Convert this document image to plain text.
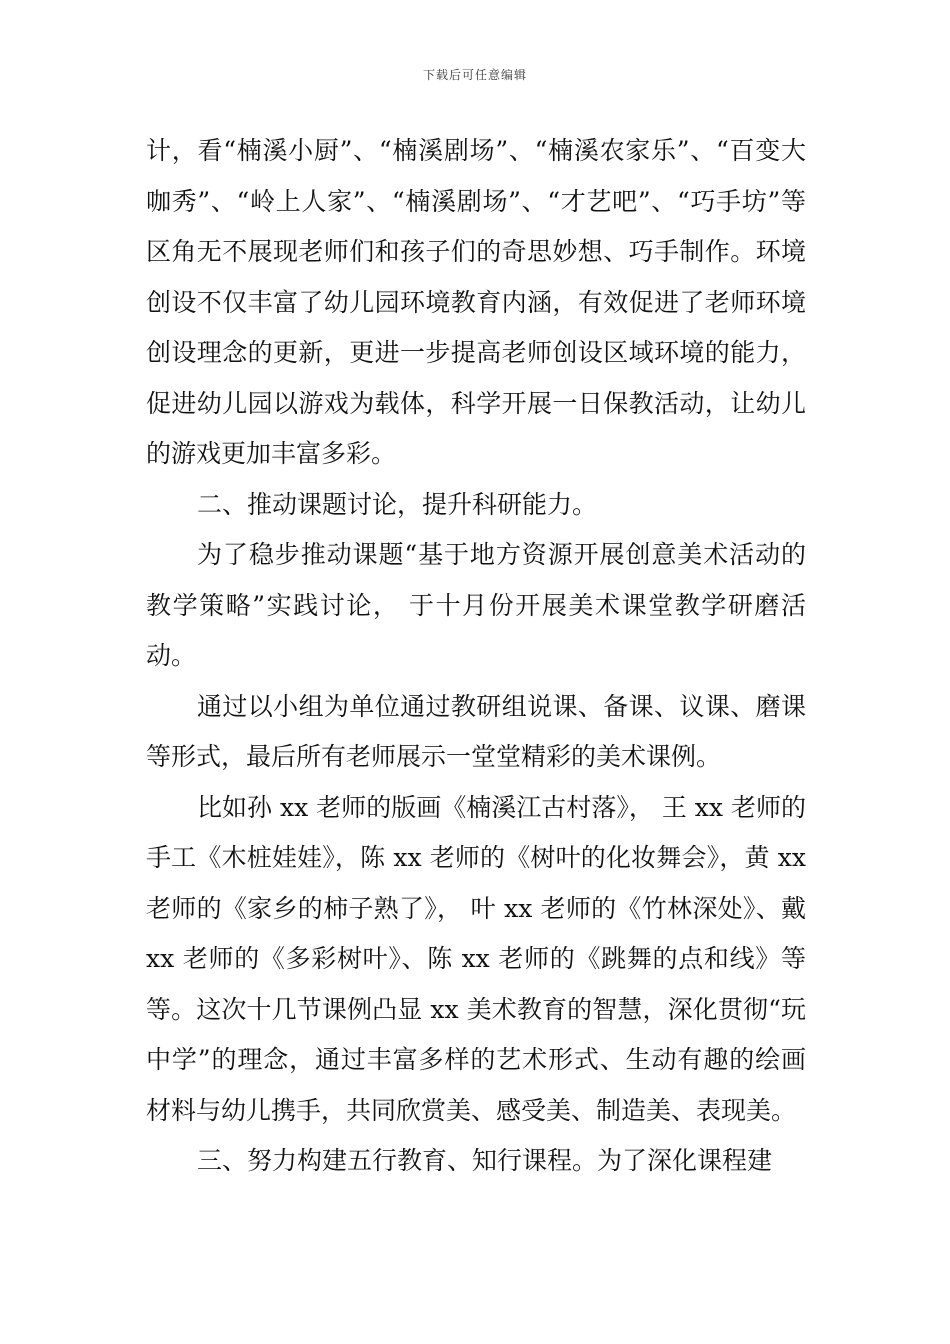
下载后可任意编辑

计，看“楠溪小厨”、“楠溪剧场”、“楠溪农家乐”、“百变大咖秀”、“岭上人家”、“楠溪剧场”、“才艺吧”、“巧手坊”等区角无不展现老师们和孩子们的奇思妙想、巧手制作。环境创设不仅丰富了幼儿园环境教育内涵，有效促进了老师环境创设理念的更新，更进一步提高老师创设区域环境的能力，促进幼儿园以游戏为载体，科学开展一日保教活动，让幼儿的游戏更加丰富多彩。

二、推动课题讨论，提升科研能力。

为了稳步推动课题“基于地方资源开展创意美术活动的教学策略”实践讨论， 于十月份开展美术课堂教学研磨活动。

通过以小组为单位通过教研组说课、备课、议课、磨课等形式，最后所有老师展示一堂堂精彩的美术课例。

比如孙 xx 老师的版画《楠溪江古村落》， 王 xx 老师的手工《木桩娃娃》，陈 xx 老师的《树叶的化妆舞会》，黄 xx 老师的《家乡的柿子熟了》， 叶 xx 老师的《竹林深处》、戴 xx 老师的《多彩树叶》、陈 xx 老师的《跳舞的点和线》等等。这次十几节课例凸显 xx 美术教育的智慧，深化贯彻“玩中学”的理念，通过丰富多样的艺术形式、生动有趣的绘画材料与幼儿携手，共同欣赏美、感受美、制造美、表现美。

三、努力构建五行教育、知行课程。为了深化课程建
